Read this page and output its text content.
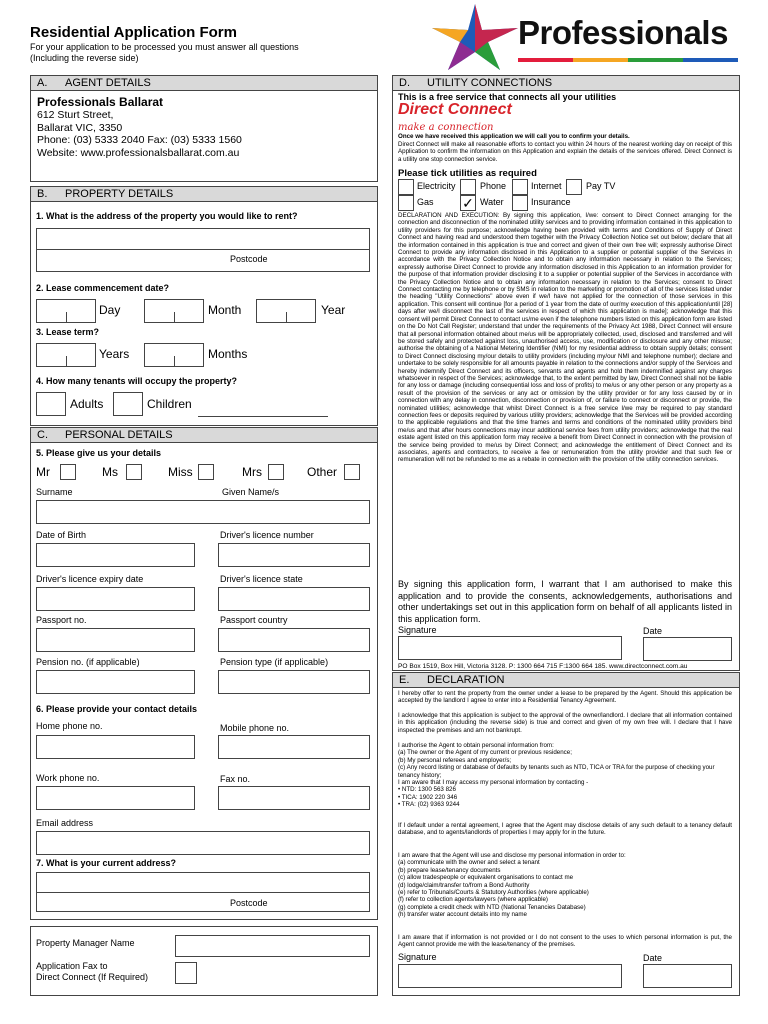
Residential Application Form
For your application to be processed you must answer all questions
(Including the reverse side)
Professionals
A. AGENT DETAILS
Professionals Ballarat
612 Sturt Street,
Ballarat VIC, 3350
Phone: (03) 5333 2040 Fax: (03) 5333 1560
Website: www.professionalsballarat.com.au
B. PROPERTY DETAILS
1. What is the address of the property you would like to rent?
Postcode
2. Lease commencement date?
Day	Month	Year
3. Lease term?
Years	Months
4. How many tenants will occupy the property?
Adults	Children
C. PERSONAL DETAILS
5. Please give us your details
Mr	Ms	Miss	Mrs	Other
Surname	Given Name/s
Date of Birth	Driver's licence number
Driver's licence expiry date	Driver's licence state
Passport no.	Passport country
Pension no. (if applicable)	Pension type (if applicable)
6. Please provide your contact details
Home phone no.	Mobile phone no.
Work phone no.	Fax no.
Email address
7. What is your current address?
Postcode
Property Manager Name
Application Fax to
Direct Connect (If Required)
D. UTILITY CONNECTIONS
This is a free service that connects all your utilities
Direct Connect
make a connection
Once we have received this application we will call you to confirm your details.
Direct Connect will make all reasonable efforts to contact you within 24 hours of the nearest working day on receipt of this Application to confirm the information on this Application and explain the details of the services offered. Direct Connect is a utility one stop connection service.
Please tick utilities as required
Electricity	Phone	Internet	Pay TV
Gas ✓ Water	Insurance
DECLARATION AND EXECUTION: By signing this application, I/we: consent to Direct Connect arranging for the connection and disconnection of the nominated utility services and to providing information contained in this application to utility providers for this purpose; acknowledge having been provided with terms and Conditions of Supply of Direct Connect and having read and understood them together with the Privacy Collection Notice set out below; declare that all the information contained in this application is true and correct and given of their own free will; expressly authorise Direct Connect to provide any information disclosed in this Application to a supplier or potential supplier of the Services in accordance with the Privacy Collection Notice and to obtain any information necessary in relation to the Services; expressly authorise Direct Connect to provide any information disclosed in this Application to an information provider for the purpose of that information provider disclosing it to a supplier or potential supplier of the Services in accordance with the Privacy Collection Notice and to obtain any information necessary in relation to the Services; consent to Direct Connect contacting me by telephone or by SMS in relation to the marketing or promotion of all of the services listed under the heading "Utility Connections" above even if we/I have not applied for the connection of those services in this application. This consent will continue [for a period of 1 year from the date of our/my execution of this application/until [28] days after we/I disconnect the last of the services in respect of which this application is made]; acknowledge that this consent will permit Direct Connect to contact us/me even if the telephone numbers listed on this application form are listed on the Do Not Call Register; understand that under the requirements of the Privacy Act 1988, Direct Connect will ensure that all personal information obtained about me/us will be appropriately collected, used, disclosed and transferred and will be stored safely and protected against loss, unauthorised access, use, modification or disclosure and any other misuse; authorise the obtaining of a National Metering Identifier (NMI) for my residential address to obtain supply details; consent to Direct Connect disclosing my/our details to utility providers (including my/our NMI and telephone number); declare and undertake to be solely responsible for all amounts payable in relation to the connections and/or supply of the Services and hereby indemnify Direct Connect and its officers, servants and agents and hold them indemnified against any charges whatsoever in respect of the Services; acknowledge that, to the extent permitted by law, Direct Connect shall not be liable for any loss or damage (including consequential loss and loss of profits) to me/us or any other person or any property as a result of the provision of the services or any act or omission by the utility provider or for any loss caused by or in connection with any delay in connection, disconnection or provision of, or failure to connect or disconnect or provide, the nominated utilities; acknowledge that whilst Direct Connect is a free service I/we may be required to pay standard connection fees or deposits required by various utility providers; acknowledge that the Services will be provided according to the applicable regulations and that the time frames and terms and conditions of the nominated utility providers bind me/us and that after hours connections may incur additional service fees from utility providers; acknowledge that the real estate agent listed on this application form may receive a benefit from Direct Connect in connection with the provision of the service being provided to me/us by Direct Connect; and acknowledge the entitlement of Direct Connect and its associates, agents and contractors, to receive a fee or remuneration from the utility provider and that such fee or remuneration will not be refunded to me as a rebate in connection with the provision of the utility connection services.
By signing this application form, I warrant that I am authorised to make this application and to provide the consents, acknowledgements, authorisations and other undertakings set out in this application form on behalf of all applicants listed in this application form.
Signature	Date
PO Box 1519, Box Hill, Victoria 3128. P: 1300 664 715 F:1300 664 185. www.directconnect.com.au
E. DECLARATION
I hereby offer to rent the property from the owner under a lease to be prepared by the Agent. Should this application be accepted by the landlord I agree to enter into a Residential Tenancy Agreement.
I acknowledge that this application is subject to the approval of the owner/landlord. I declare that all information contained in this application (including the reverse side) is true and correct and given of my own free will. I declare that I have inspected the premises and am not bankrupt.
I authorise the Agent to obtain personal information from:
(a) The owner or the Agent of my current or previous residence;
(b) My personal referees and employer/s;
(c) Any record listing or database of defaults by tenants such as NTD, TICA or TRA for the purpose of checking your tenancy history;
I am aware that I may access my personal information by contacting -
• NTD: 1300 563 826
• TICA: 1902 220 346
• TRA: (02) 9363 9244
If I default under a rental agreement, I agree that the Agent may disclose details of any such default to a tenancy default database, and to agents/landlords of properties I may apply for in the future.
I am aware that the Agent will use and disclose my personal information in order to:
(a) communicate with the owner and select a tenant
(b) prepare lease/tenancy documents
(c) allow tradespeople or equivalent organisations to contact me
(d) lodge/claim/transfer to/from a Bond Authority
(e) refer to Tribunals/Courts & Statutory Authorities (where applicable)
(f) refer to collection agents/lawyers (where applicable)
(g) complete a credit check with NTD (National Tenancies Database)
(h) transfer water account details into my name
I am aware that if information is not provided or I do not consent to the uses to which personal information is put, the Agent cannot provide me with the lease/tenancy of the premises.
Signature	Date
